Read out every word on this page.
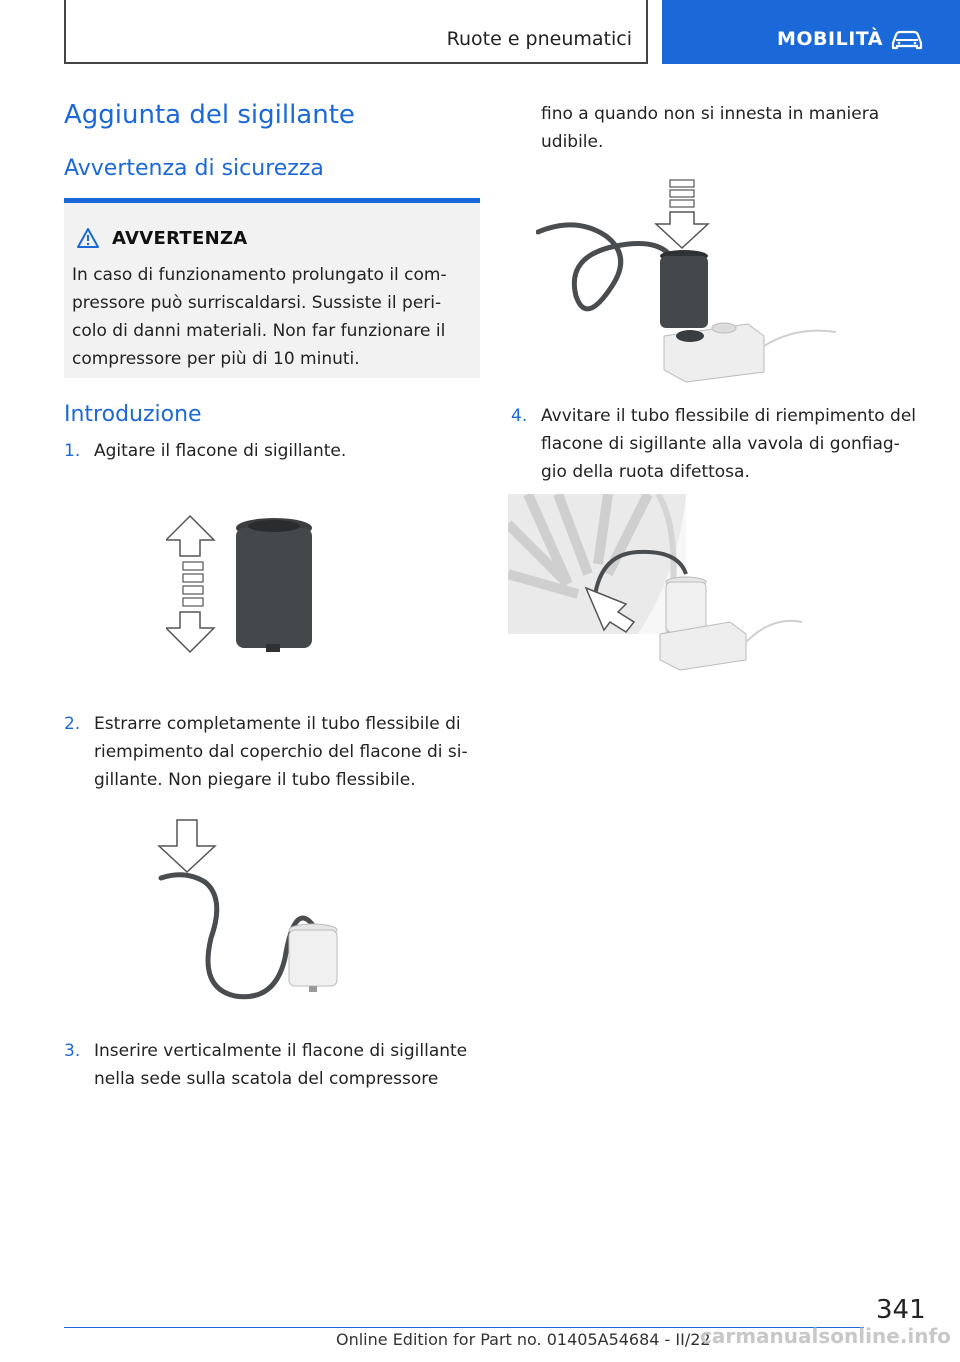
Ruote e pneumatici	MOBILITÀ
Aggiunta del sigillante
Avvertenza di sicurezza
AVVERTENZA
In caso di funzionamento prolungato il com-
pressore può surriscaldarsi. Sussiste il peri-
colo di danni materiali. Non far funzionare il
compressore per più di 10 minuti.
Introduzione
1. Agitare il flacone di sigillante.
2. Estrarre completamente il tubo flessibile di
riempimento dal coperchio del flacone di si-
gillante. Non piegare il tubo flessibile.
3. Inserire verticalmente il flacone di sigillante
nella sede sulla scatola del compressore
fino a quando non si innesta in maniera
udibile.
4. Avvitare il tubo flessibile di riempimento del
flacone di sigillante alla vavola di gonfiag-
gio della ruota difettosa.
341
Online Edition for Part no. 01405A54684 - II/22
carmanualsonline.info
